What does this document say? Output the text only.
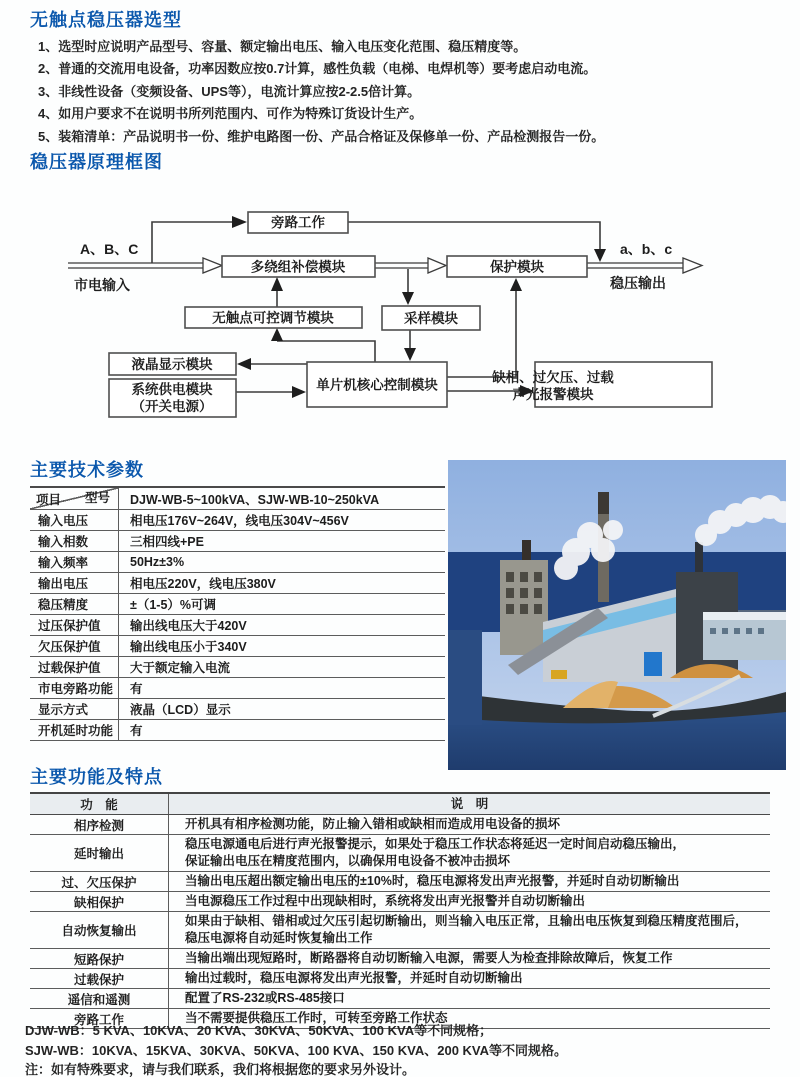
无触点稳压器选型
1、选型时应说明产品型号、容量、额定输出电压、输入电压变化范围、稳压精度等。
2、普通的交流用电设备，功率因数应按0.7计算，感性负载（电梯、电焊机等）要考虑启动电流。
3、非线性设备（变频设备、UPS等），电流计算应按2-2.5倍计算。
4、如用户要求不在说明书所列范围内、可作为特殊订货设计生产。
5、装箱清单：产品说明书一份、维护电路图一份、产品合格证及保修单一份、产品检测报告一份。
稳压器原理框图
旁路工作
多绕组补偿模块	保护模块
无触点可控调节模块	采样模块
液晶显示模块
系统供电模块
（开关电源）
单片机核心控制模块	缺相、过欠压、过载
声光报警模块
A、B、C
市电输入
a、b、c
稳压输出
主要技术参数
项目 型号	DJW-WB-5~100kVA、SJW-WB-10~250kVA
输入电压	相电压176V~264V，线电压304V~456V
输入相数	三相四线+PE
输入频率	50Hz±3%
输出电压	相电压220V，线电压380V
稳压精度	±（1-5）%可调
过压保护值	输出线电压大于420V
欠压保护值	输出线电压小于340V
过载保护值	大于额定输入电流
市电旁路功能	有
显示方式	液晶（LCD）显示
开机延时功能	有
主要功能及特点
功　能	说　明
相序检测	开机具有相序检测功能，防止输入错相或缺相而造成用电设备的损坏
延时输出	稳压电源通电后进行声光报警提示，如果处于稳压工作状态将延迟一定时间启动稳压输出，
保证输出电压在精度范围内，以确保用电设备不被冲击损坏
过、欠压保护	当输出电压超出额定输出电压的±10%时，稳压电源将发出声光报警，并延时自动切断输出
缺相保护	当电源稳压工作过程中出现缺相时，系统将发出声光报警并自动切断输出
自动恢复输出	如果由于缺相、错相或过欠压引起切断输出，则当输入电压正常，且输出电压恢复到稳压精度范围后，
稳压电源将自动延时恢复输出工作
短路保护	当输出端出现短路时，断路器将自动切断输入电源，需要人为检查排除故障后，恢复工作
过载保护	输出过载时，稳压电源将发出声光报警，并延时自动切断输出
遥信和遥测	配置了RS-232或RS-485接口
旁路工作	当不需要提供稳压工作时，可转至旁路工作状态
DJW-WB：5 KVA、10KVA、20 KVA、30KVA、50KVA、100 KVA等不同规格；
SJW-WB：10KVA、15KVA、30KVA、50KVA、100 KVA、150 KVA、200 KVA等不同规格。
注：如有特殊要求，请与我们联系，我们将根据您的要求另外设计。
